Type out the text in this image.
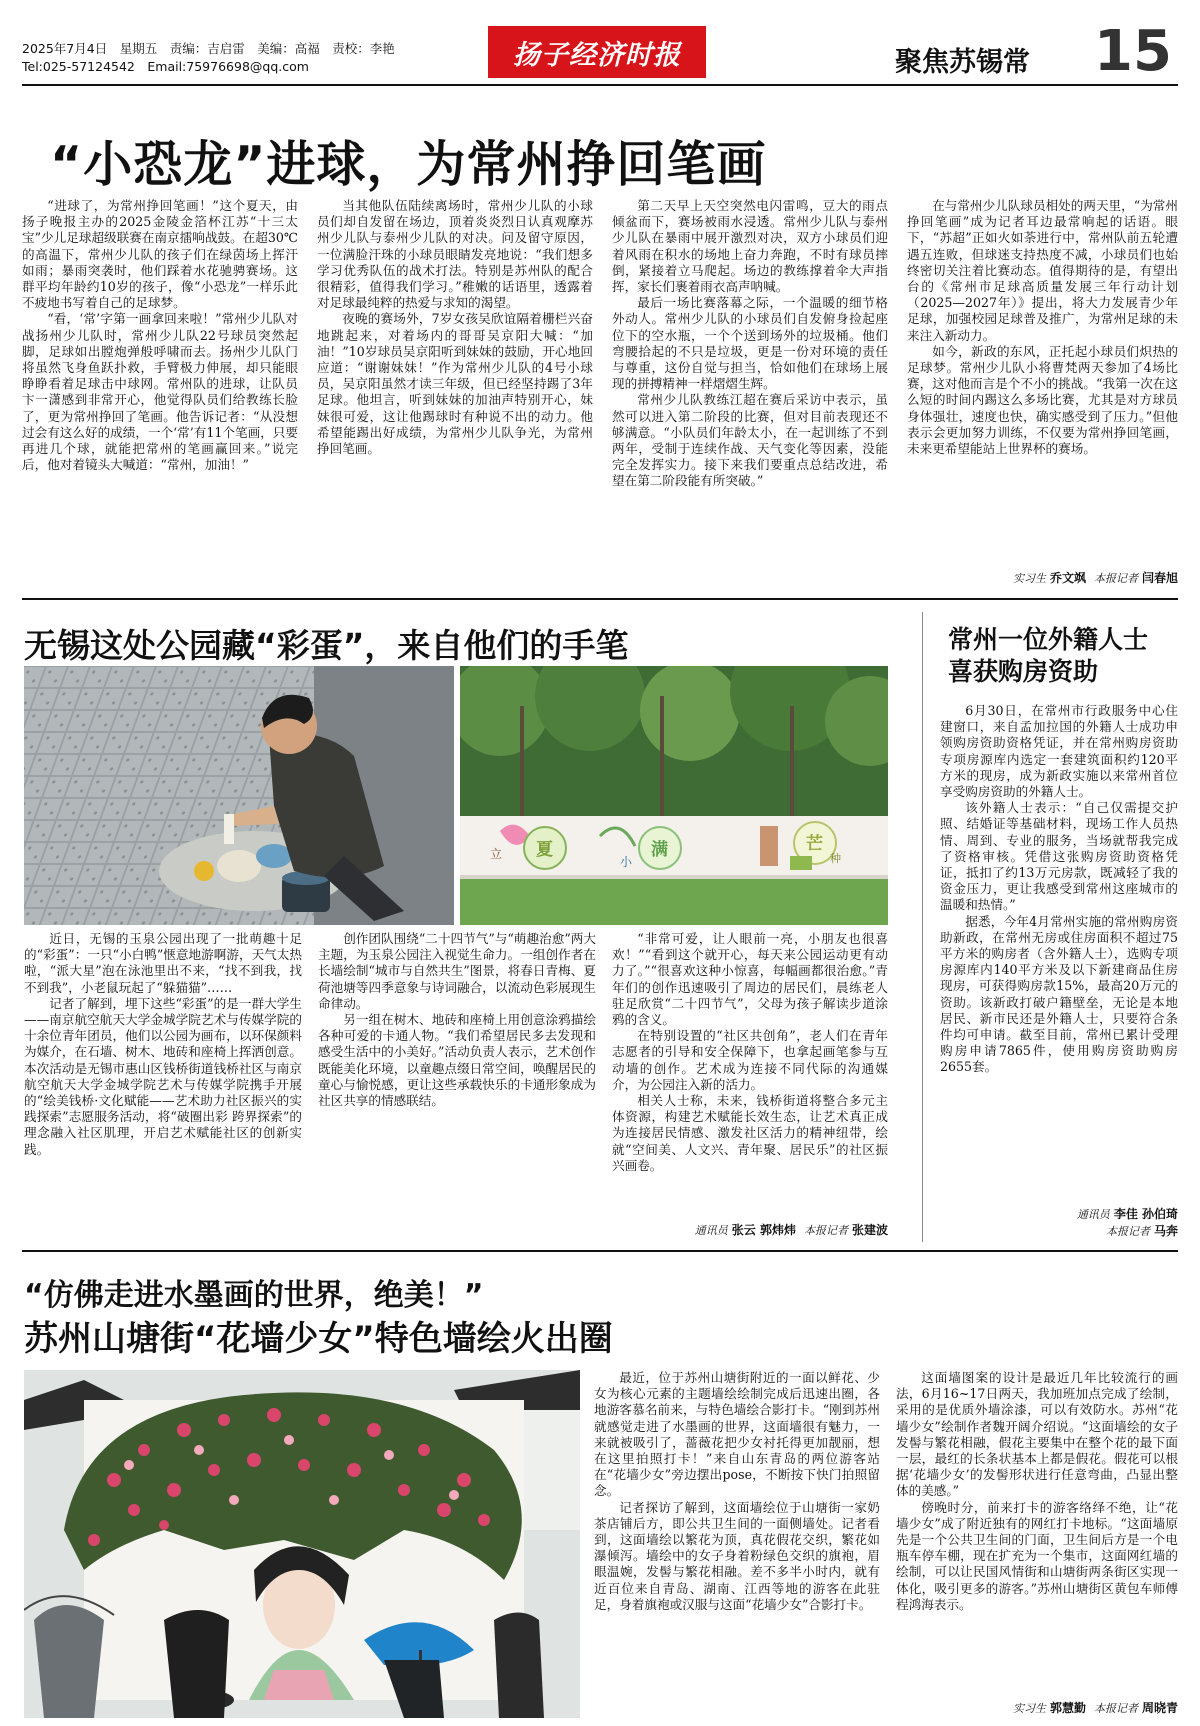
2025年7月4日　星期五　责编：吉启雷　美编：高福　责校：李艳
Tel:025-57124542　Email:75976698@qq.com	扬子经济时报	聚焦苏锡常 15
“小恐龙”进球，为常州挣回笔画

“进球了，为常州挣回笔画！”这个夏天，由扬子晚报主办的2025金陵金箔杯江苏“十三太宝”少儿足球超级联赛在南京擂响战鼓。在超30℃的高温下，常州少儿队的孩子们在绿茵场上挥汗如雨；暴雨突袭时，他们踩着水花驰骋赛场。这群平均年龄约10岁的孩子，像“小恐龙”一样乐此不疲地书写着自己的足球梦。

“看，‘常’字第一画拿回来啦！”常州少儿队对战扬州少儿队时，常州少儿队22号球员突然起脚，足球如出膛炮弹般呼啸而去。扬州少儿队门将虽然飞身鱼跃扑救，手臂极力伸展，却只能眼睁睁看着足球击中球网。常州队的进球，让队员卞一潇感到非常开心，他觉得队员们给教练长脸了，更为常州挣回了笔画。他告诉记者：“从没想过会有这么好的成绩，一个‘常’有11个笔画，只要再进几个球，就能把常州的笔画赢回来。”说完后，他对着镜头大喊道：“常州，加油！”

当其他队伍陆续离场时，常州少儿队的小球员们却自发留在场边，顶着炎炎烈日认真观摩苏州少儿队与泰州少儿队的对决。问及留守原因，一位满脸汗珠的小球员眼睛发亮地说：“我们想多学习优秀队伍的战术打法。特别是苏州队的配合很精彩，值得我们学习。”稚嫩的话语里，透露着对足球最纯粹的热爱与求知的渴望。

夜晚的赛场外，7岁女孩吴欣谊隔着栅栏兴奋地跳起来，对着场内的哥哥吴京阳大喊：“加油！”10岁球员吴京阳听到妹妹的鼓励，开心地回应道：“谢谢妹妹！”作为常州少儿队的4号小球员，吴京阳虽然才读三年级，但已经坚持踢了3年足球。他坦言，听到妹妹的加油声特别开心，妹妹很可爱，这让他踢球时有种说不出的动力。他希望能踢出好成绩，为常州少儿队争光，为常州挣回笔画。

第二天早上天空突然电闪雷鸣，豆大的雨点倾盆而下，赛场被雨水浸透。常州少儿队与泰州少儿队在暴雨中展开激烈对决，双方小球员们迎着风雨在积水的场地上奋力奔跑，不时有球员摔倒，紧接着立马爬起。场边的教练撑着伞大声指挥，家长们裹着雨衣高声呐喊。

最后一场比赛落幕之际，一个温暖的细节格外动人。常州少儿队的小球员们自发俯身捡起座位下的空水瓶，一个个送到场外的垃圾桶。他们弯腰拾起的不只是垃圾，更是一份对环境的责任与尊重，这份自觉与担当，恰如他们在球场上展现的拼搏精神一样熠熠生辉。

常州少儿队教练江超在赛后采访中表示，虽然可以进入第二阶段的比赛，但对目前表现还不够满意。“小队员们年龄太小，在一起训练了不到两年，受制于连续作战、天气变化等因素，没能完全发挥实力。接下来我们要重点总结改进，希望在第二阶段能有所突破。”

在与常州少儿队球员相处的两天里，“为常州挣回笔画”成为记者耳边最常响起的话语。眼下，“苏超”正如火如荼进行中，常州队前五轮遭遇五连败，但球迷支持热度不减，小球员们也始终密切关注着比赛动态。值得期待的是，有望出台的《常州市足球高质量发展三年行动计划（2025—2027年）》提出，将大力发展青少年足球，加强校园足球普及推广，为常州足球的未来注入新动力。

如今，新政的东风，正托起小球员们炽热的足球梦。常州少儿队小将曹梵两天参加了4场比赛，这对他而言是个不小的挑战。“我第一次在这么短的时间内踢这么多场比赛，尤其是对方球员身体强壮，速度也快，确实感受到了压力。”但他表示会更加努力训练，不仅要为常州挣回笔画，未来更希望能站上世界杯的赛场。

实习生 乔文飒 本报记者 闫春旭
无锡这处公园藏“彩蛋”，来自他们的手笔
立 夏
小
满	芒
种

近日，无锡的玉泉公园出现了一批萌趣十足的“彩蛋”：一只“小白鸭”惬意地游啊游，天气太热啦，“派大星”泡在泳池里出不来，“找不到我，找不到我”，小老鼠玩起了“躲猫猫”……

记者了解到，埋下这些“彩蛋”的是一群大学生——南京航空航天大学金城学院艺术与传媒学院的十余位青年团员，他们以公园为画布，以环保颜料为媒介，在石墙、树木、地砖和座椅上挥洒创意。本次活动是无锡市惠山区钱桥街道钱桥社区与南京航空航天大学金城学院艺术与传媒学院携手开展的“绘美钱桥·文化赋能——艺术助力社区振兴的实践探索”志愿服务活动，将“破圈出彩 跨界探索”的理念融入社区肌理，开启艺术赋能社区的创新实践。

创作团队围绕“二十四节气”与“萌趣治愈”两大主题，为玉泉公园注入视觉生命力。一组创作者在长墙绘制“城市与自然共生”图景，将春日青梅、夏荷池塘等四季意象与诗词融合，以流动色彩展现生命律动。

另一组在树木、地砖和座椅上用创意涂鸦描绘各种可爱的卡通人物。“我们希望居民多去发现和感受生活中的小美好。”活动负责人表示，艺术创作既能美化环境，以童趣点缀日常空间，唤醒居民的童心与愉悦感，更让这些承载快乐的卡通形象成为社区共享的情感联结。

“非常可爱，让人眼前一亮，小朋友也很喜欢！”“看到这个就开心，每天来公园运动更有动力了。”“很喜欢这种小惊喜，每幅画都很治愈。”青年们的创作迅速吸引了周边的居民们，晨练老人驻足欣赏“二十四节气”，父母为孩子解读步道涂鸦的含义。

在特别设置的“社区共创角”，老人们在青年志愿者的引导和安全保障下，也拿起画笔参与互动墙的创作。艺术成为连接不同代际的沟通媒介，为公园注入新的活力。

相关人士称，未来，钱桥街道将整合多元主体资源，构建艺术赋能长效生态，让艺术真正成为连接居民情感、激发社区活力的精神纽带，绘就“空间美、人文兴、青年聚、居民乐”的社区振兴画卷。

通讯员 张云 郭炜炜 本报记者 张建波
常州一位外籍人士
喜获购房资助

6月30日，在常州市行政服务中心住建窗口，来自孟加拉国的外籍人士成功申领购房资助资格凭证，并在常州购房资助专项房源库内选定一套建筑面积约120平方米的现房，成为新政实施以来常州首位享受购房资助的外籍人士。

该外籍人士表示：“自己仅需提交护照、结婚证等基础材料，现场工作人员热情、周到、专业的服务，当场就帮我完成了资格审核。凭借这张购房资助资格凭证，抵扣了约13万元房款，既减轻了我的资金压力，更让我感受到常州这座城市的温暖和热情。”

据悉，今年4月常州实施的常州购房资助新政，在常州无房或住房面积不超过75平方米的购房者（含外籍人士），选购专项房源库内140平方米及以下新建商品住房现房，可获得购房款15%，最高20万元的资助。该新政打破户籍壁垒，无论是本地居民、新市民还是外籍人士，只要符合条件均可申请。截至目前，常州已累计受理购房申请7865件，使用购房资助购房2655套。

通讯员 李佳 孙伯琦
本报记者 马奔
“仿佛走进水墨画的世界，绝美！”
苏州山塘街“花墙少女”特色墙绘火出圈

最近，位于苏州山塘街附近的一面以鲜花、少女为核心元素的主题墙绘绘制完成后迅速出圈，各地游客慕名前来，与特色墙绘合影打卡。“刚到苏州就感觉走进了水墨画的世界，这面墙很有魅力，一来就被吸引了，蔷薇花把少女衬托得更加靓丽，想在这里拍照打卡！”来自山东青岛的两位游客站在“花墙少女”旁边摆出pose，不断按下快门拍照留念。

记者探访了解到，这面墙绘位于山塘街一家奶茶店铺后方，即公共卫生间的一面侧墙处。记者看到，这面墙绘以繁花为顶，真花假花交织，繁花如瀑倾泻。墙绘中的女子身着粉绿色交织的旗袍，眉眼温婉，发髻与繁花相融。差不多半小时内，就有近百位来自青岛、湖南、江西等地的游客在此驻足，身着旗袍或汉服与这面“花墙少女”合影打卡。

这面墙图案的设计是最近几年比较流行的画法，6月16~17日两天，我加班加点完成了绘制，采用的是优质外墙涂漆，可以有效防水。苏州“花墙少女”绘制作者魏开阔介绍说。“这面墙绘的女子发髻与繁花相融，假花主要集中在整个花的最下面一层，最红的长条状基本上都是假花。假花可以根据‘花墙少女’的发髻形状进行任意弯曲，凸显出整体的美感。”

傍晚时分，前来打卡的游客络绎不绝，让“花墙少女”成了附近独有的网红打卡地标。“这面墙原先是一个公共卫生间的门面，卫生间后方是一个电瓶车停车棚，现在扩充为一个集市，这面网红墙的绘制，可以让民国风情街和山塘街两条街区实现一体化，吸引更多的游客。”苏州山塘街区黄包车师傅程鸿海表示。

实习生 郭慧勤 本报记者 周晓青
